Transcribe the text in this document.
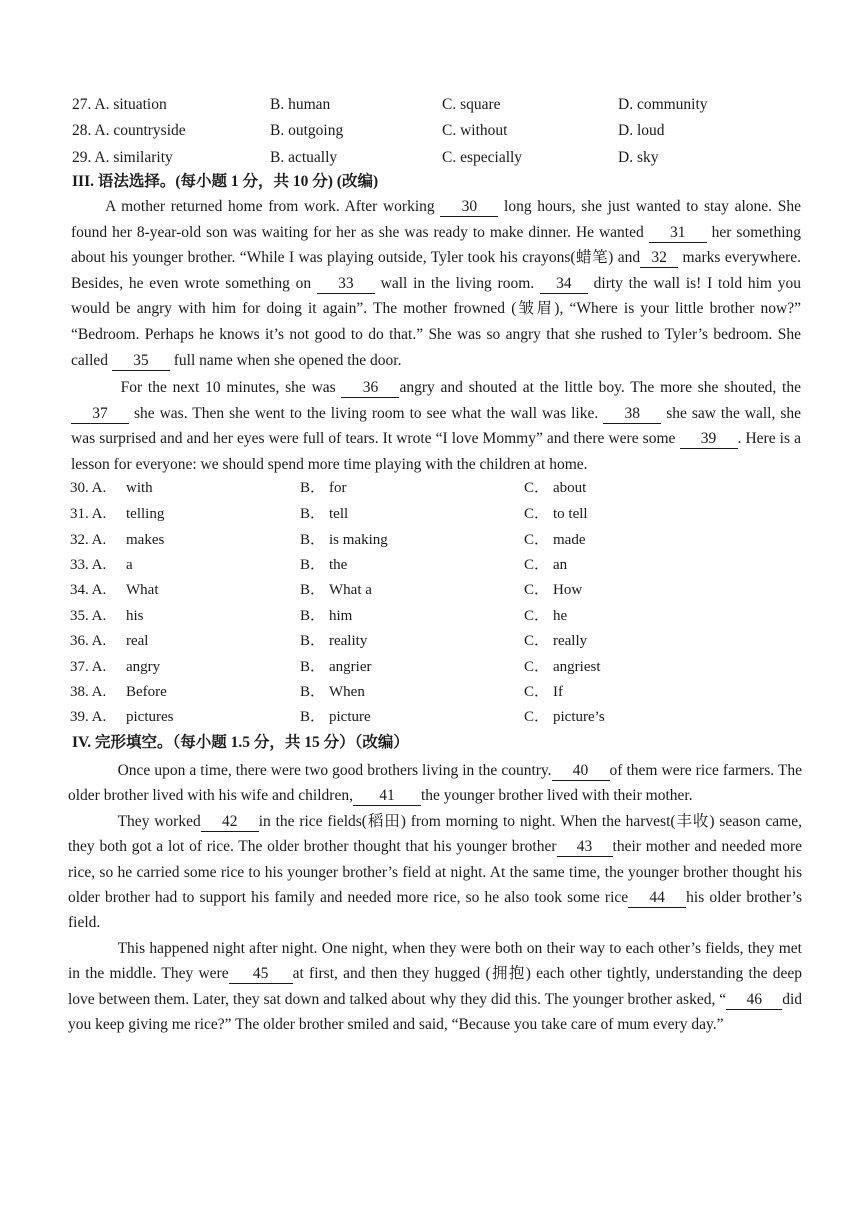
27. A. situation	B. human	C. square	D. community
28. A. countryside	B. outgoing	C. without	D. loud
29. A. similarity	B. actually	C. especially	D. sky
III. 语法选择。(每小题 1 分，共 10 分) (改编)

A mother returned home from work. After working 30 long hours, she just wanted to stay alone. She found her 8-year-old son was waiting for her as she was ready to make dinner. He wanted 31 her something about his younger brother. “While I was playing outside, Tyler took his crayons(蜡笔) and 32 marks everywhere. Besides, he even wrote something on 33 wall in the living room. 34 dirty the wall is! I told him you would be angry with him for doing it again”. The mother frowned (皱眉), “Where is your little brother now?” “Bedroom. Perhaps he knows it’s not good to do that.” She was so angry that she rushed to Tyler’s bedroom. She called 35 full name when she opened the door.

For the next 10 minutes, she was 36 angry and shouted at the little boy. The more she shouted, the 37 she was. Then she went to the living room to see what the wall was like. 38 she saw the wall, she was surprised and and her eyes were full of tears. It wrote “I love Mommy” and there were some 39 . Here is a lesson for everyone: we should spend more time playing with the children at home.

30. A. with	B． for	C． about
31. A. telling	B． tell	C． to tell
32. A. makes	B． is making	C． made
33. A. a	B． the	C． an
34. A. What	B． What a	C． How
35. A. his	B． him	C． he
36. A. real	B． reality	C． really
37. A. angry	B． angrier	C． angriest
38. A. Before	B． When	C． If
39. A. pictures	B． picture	C． picture’s
IV. 完形填空。（每小题 1.5 分，共 15 分）（改编）

Once upon a time, there were two good brothers living in the country. 40 of them were rice farmers. The older brother lived with his wife and children, 41 the younger brother lived with their mother.

They worked 42 in the rice fields(稻田) from morning to night. When the harvest(丰收) season came, they both got a lot of rice. The older brother thought that his younger brother 43 their mother and needed more rice, so he carried some rice to his younger brother’s field at night. At the same time, the younger brother thought his older brother had to support his family and needed more rice, so he also took some rice 44 his older brother’s field.

This happened night after night. One night, when they were both on their way to each other’s fields, they met in the middle. They were 45 at first, and then they hugged (拥抱) each other tightly, understanding the deep love between them. Later, they sat down and talked about why they did this. The younger brother asked, “ 46 did you keep giving me rice?” The older brother smiled and said, “Because you take care of mum every day.”
